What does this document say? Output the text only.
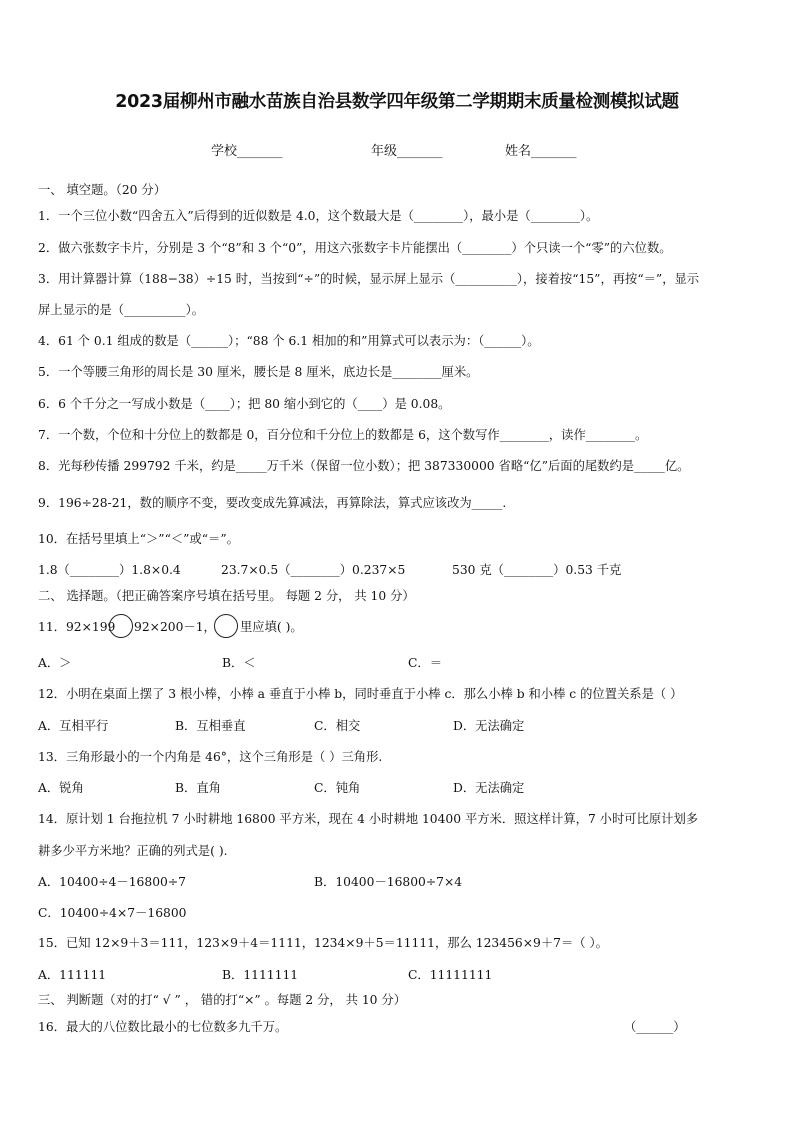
2023届柳州市融水苗族自治县数学四年级第二学期期末质量检测模拟试题
学校_______	年级_______	姓名_______
一、 填空题。（20 分）
1．一个三位小数“四舍五入”后得到的近似数是 4.0，这个数最大是（________），最小是（________）。
2．做六张数字卡片，分别是 3 个“8”和 3 个“0”，用这六张数字卡片能摆出（________）个只读一个“零”的六位数。
3．用计算器计算（188−38）÷15 时，当按到“÷”的时候，显示屏上显示（__________），接着按“15”，再按“＝”，显示
屏上显示的是（__________）。
4．61 个 0.1 组成的数是（______）；“88 个 6.1 相加的和”用算式可以表示为：（______）。
5．一个等腰三角形的周长是 30 厘米，腰长是 8 厘米，底边长是________厘米。
6．6 个千分之一写成小数是（____）；把 80 缩小到它的（____）是 0.08。
7．一个数，个位和十分位上的数都是 0，百分位和千分位上的数都是 6，这个数写作________，读作________。
8．光每秒传播 299792 千米，约是_____万千米（保留一位小数）；把 387330000 省略“亿”后面的尾数约是_____亿。
9．196÷28-21，数的顺序不变，要改变成先算减法，再算除法，算式应该改为_____.
10．在括号里填上“＞”“＜”或“＝”。
1.8（________）1.8×0.4	23.7×0.5（________）0.237×5	530 克（________）0.53 千克
二、 选择题。（把正确答案序号填在括号里。 每题 2 分， 共 10 分）
11．92×199 92×200－1， 里应填( )。
A．＞	B．＜	C．＝
12．小明在桌面上摆了 3 根小棒，小棒 a 垂直于小棒 b，同时垂直于小棒 c．那么小棒 b 和小棒 c 的位置关系是（ ）
A．互相平行	B．互相垂直	C．相交	D．无法确定
13．三角形最小的一个内角是 46°，这个三角形是（ ）三角形.
A．锐角	B．直角	C．钝角	D．无法确定
14．原计划 1 台拖拉机 7 小时耕地 16800 平方米，现在 4 小时耕地 10400 平方米．照这样计算，7 小时可比原计划多
耕多少平方米地？正确的列式是( ).
A．10400÷4－16800÷7	B．10400－16800÷7×4
C．10400÷4×7－16800
15．已知 12×9＋3＝111，123×9＋4＝1111，1234×9＋5＝11111，那么 123456×9＋7＝（ ）。
A．111111	B．1111111	C．11111111
三、 判断题（对的打“ √ ” ， 错的打“×” 。每题 2 分， 共 10 分）
16．最大的八位数比最小的七位数多九千万。	（______）
